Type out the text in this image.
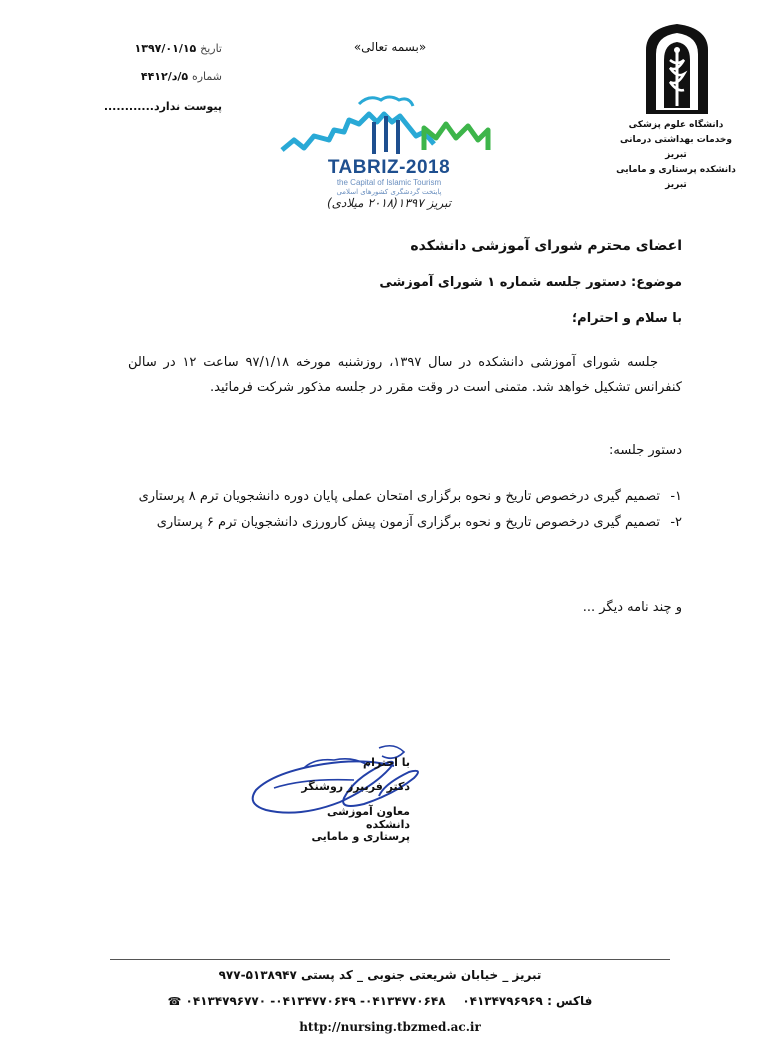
تاریخ ۱۳۹۷/۰۱/۱۵
شماره ۵/د/۴۴۱۲
پیوست ندارد............
«بسمه تعالی»
TABRIZ-2018
the Capital of Islamic Tourism
پایتخت گردشگری کشورهای اسلامی
تبریز ۱۳۹۷(۲۰۱۸ میلادی)
دانشگاه علوم پزشکی
وخدمات بهداشتی درمانی تبریز
دانشکده پرستاری و مامایی تبریز
اعضای محترم شورای آموزشی دانشکده
موضوع: دستور جلسه شماره ۱ شورای آموزشی
با سلام و احترام؛
جلسه شورای آموزشی دانشکده در سال ۱۳۹۷، روزشنبه مورخه ۹۷/۱/۱۸ ساعت ۱۲ در سالن کنفرانس تشکیل خواهد شد. متمنی است در وقت مقرر در جلسه مذکور شرکت فرمائید.
دستور جلسه:
۱-
تصمیم گیری درخصوص تاریخ و نحوه برگزاری امتحان عملی پایان دوره دانشجویان ترم ۸ پرستاری
۲-
تصمیم گیری درخصوص تاریخ و نحوه برگزاری آزمون پیش کارورزی دانشجویان ترم ۶ پرستاری
و چند نامه دیگر ...
با احترام
دکتر فریبرز روشنگر
معاون آموزشی دانشکده
پرستاری و مامایی
تبریز _ خیابان شریعتی جنوبی _ کد پستی ۵۱۳۸۹۴۷-۹۷۷
فاکس : ۰۴۱۳۴۷۹۶۹۶۹    ۰۴۱۳۴۷۷۰۶۴۸- ۰۴۱۳۴۷۷۰۶۴۹- ۰۴۱۳۴۷۹۶۷۷۰ ☎
http://nursing.tbzmed.ac.ir
